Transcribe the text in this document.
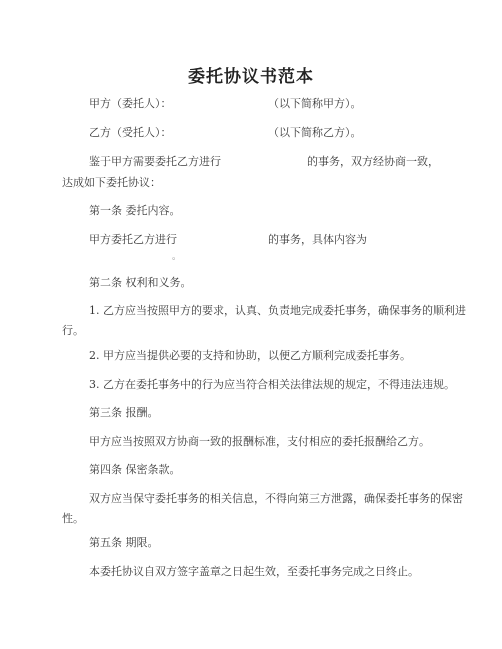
委托协议书范本
甲方（委托人）：	（以下简称甲方）。
乙方（受托人）：	（以下简称乙方）。
鉴于甲方需要委托乙方进行	的事务，双方经协商一致，
达成如下委托协议：
第一条 委托内容。
甲方委托乙方进行	的事务，具体内容为
。
第二条 权利和义务。
1. 乙方应当按照甲方的要求，认真、负责地完成委托事务，确保事务的顺利进
行。
2. 甲方应当提供必要的支持和协助，以便乙方顺利完成委托事务。
3. 乙方在委托事务中的行为应当符合相关法律法规的规定，不得违法违规。
第三条 报酬。
甲方应当按照双方协商一致的报酬标准，支付相应的委托报酬给乙方。
第四条 保密条款。
双方应当保守委托事务的相关信息，不得向第三方泄露，确保委托事务的保密
性。
第五条 期限。
本委托协议自双方签字盖章之日起生效，至委托事务完成之日终止。
